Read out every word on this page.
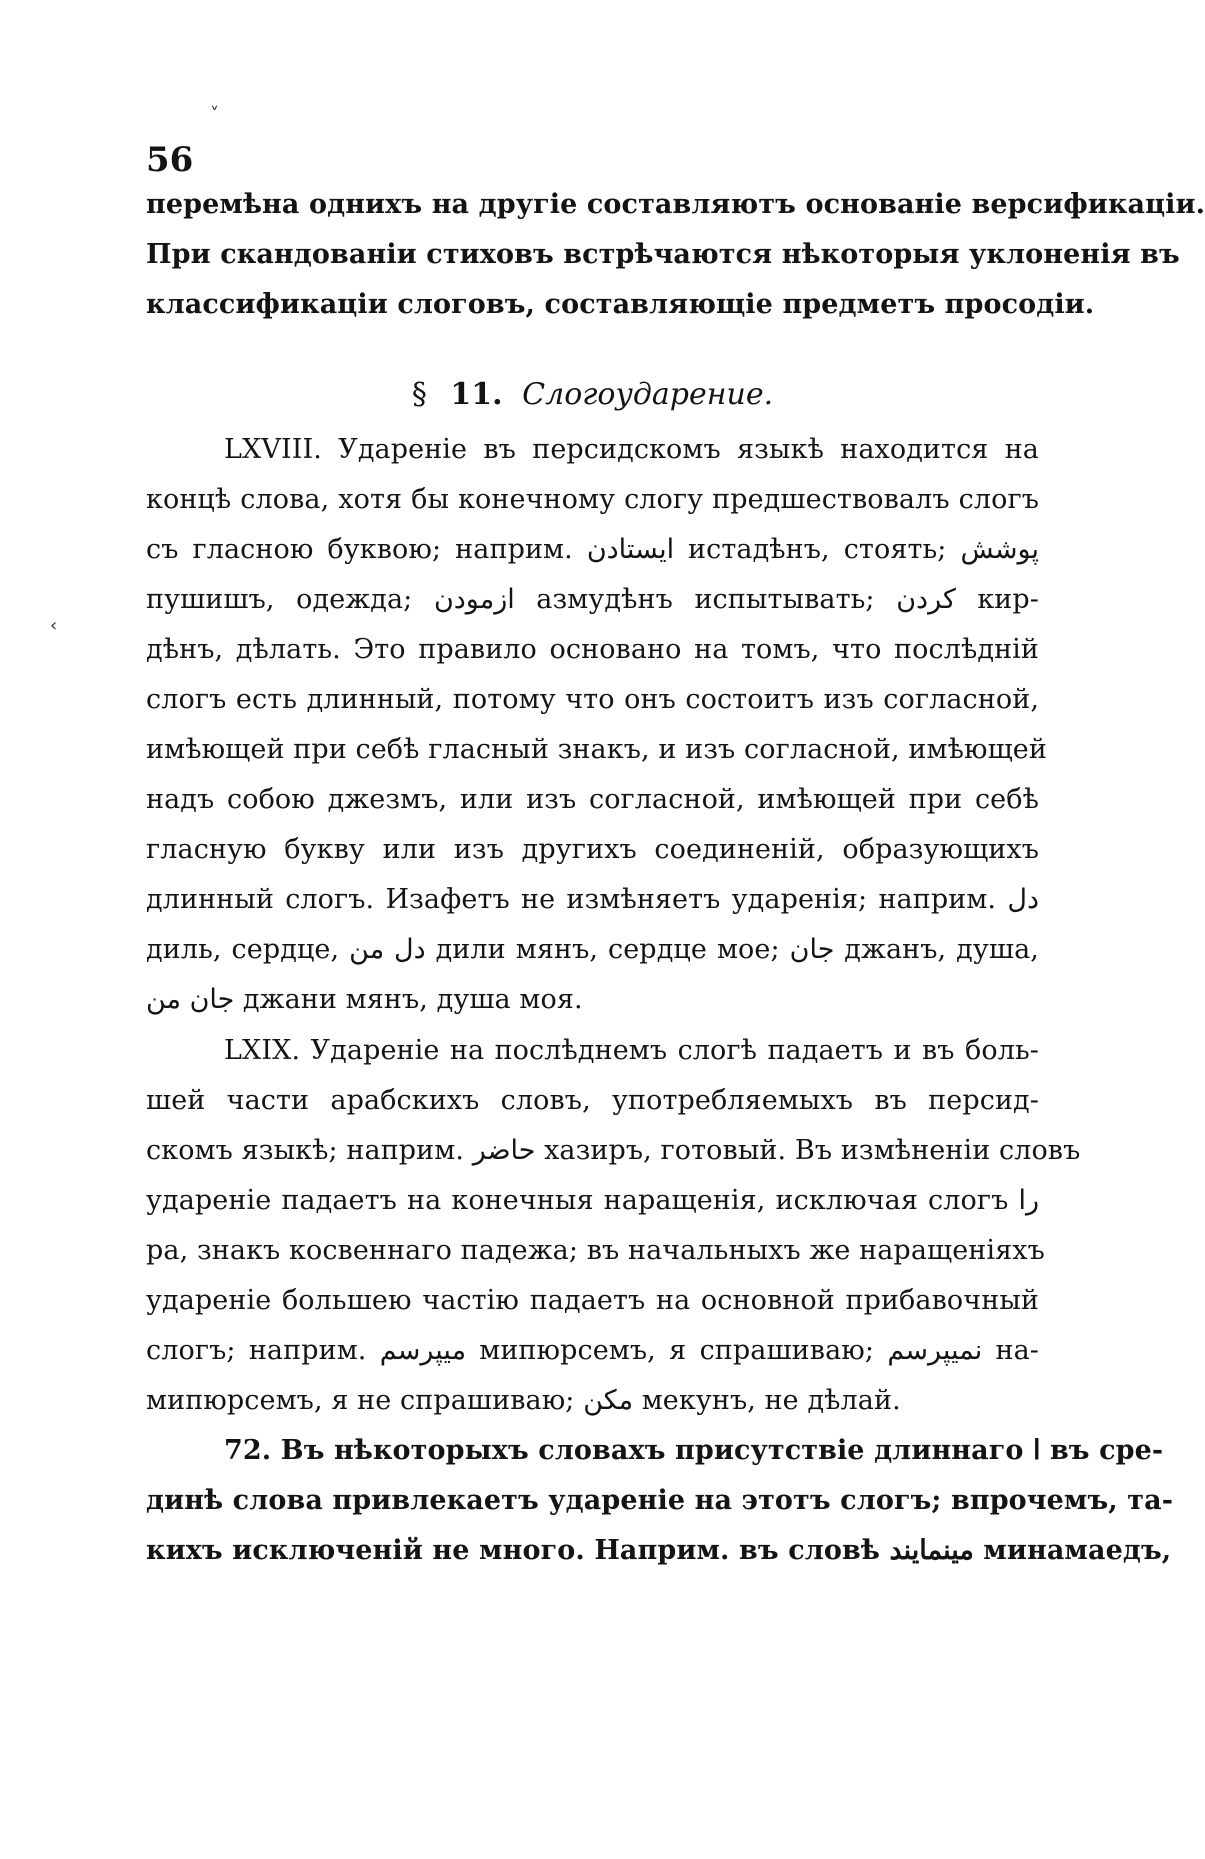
˅
‹
56
перемѣна однихъ на другіе составляютъ основаніе версификаціи.
При скандованіи стиховъ встрѣчаются нѣкоторыя уклоненія въ
классификаціи слоговъ, составляющіе предметъ просодіи.
§ 11. Слогоударение.
LXVIII. Удареніе въ персидскомъ языкѣ находится на
концѣ слова, хотя бы конечному слогу предшествовалъ слогъ
съ гласною буквою; наприм. ایستادن истадѣнъ, стоять; پوشش
пушишъ, одежда; ازمودن азмудѣнъ испытывать; کردن кир-
дѣнъ, дѣлать. Это правило основано на томъ, что послѣдній
слогъ есть длинный, потому что онъ состоитъ изъ согласной,
имѣющей при себѣ гласный знакъ, и изъ согласной, имѣющей
надъ собою джезмъ, или изъ согласной, имѣющей при себѣ
гласную букву или изъ другихъ соединеній, образующихъ
длинный слогъ. Изафетъ не измѣняетъ ударенія; наприм. دل
диль, сердце, دل من дили мянъ, сердце мое; جان джанъ, душа,
جان من джани мянъ, душа моя.
LXIX. Удареніе на послѣднемъ слогѣ падаетъ и въ боль-
шей части арабскихъ словъ, употребляемыхъ въ персид-
скомъ языкѣ; наприм. حاضر хазиръ, готовый. Въ измѣненіи словъ
удареніе падаетъ на конечныя наращенія, исключая слогъ را
ра, знакъ косвеннаго падежа; въ начальныхъ же наращеніяхъ
удареніе большею частію падаетъ на основной прибавочный
слогъ; наприм. میپرسم мипюрсемъ, я спрашиваю; نمیپرسم на-
мипюрсемъ, я не спрашиваю; مکن мекунъ, не дѣлай.
72. Въ нѣкоторыхъ словахъ присутствіе длиннаго ا въ сре-
динѣ слова привлекаетъ удареніе на этотъ слогъ; впрочемъ, та-
кихъ исключеній не много. Наприм. въ словѣ مینمایند минамаедъ,
